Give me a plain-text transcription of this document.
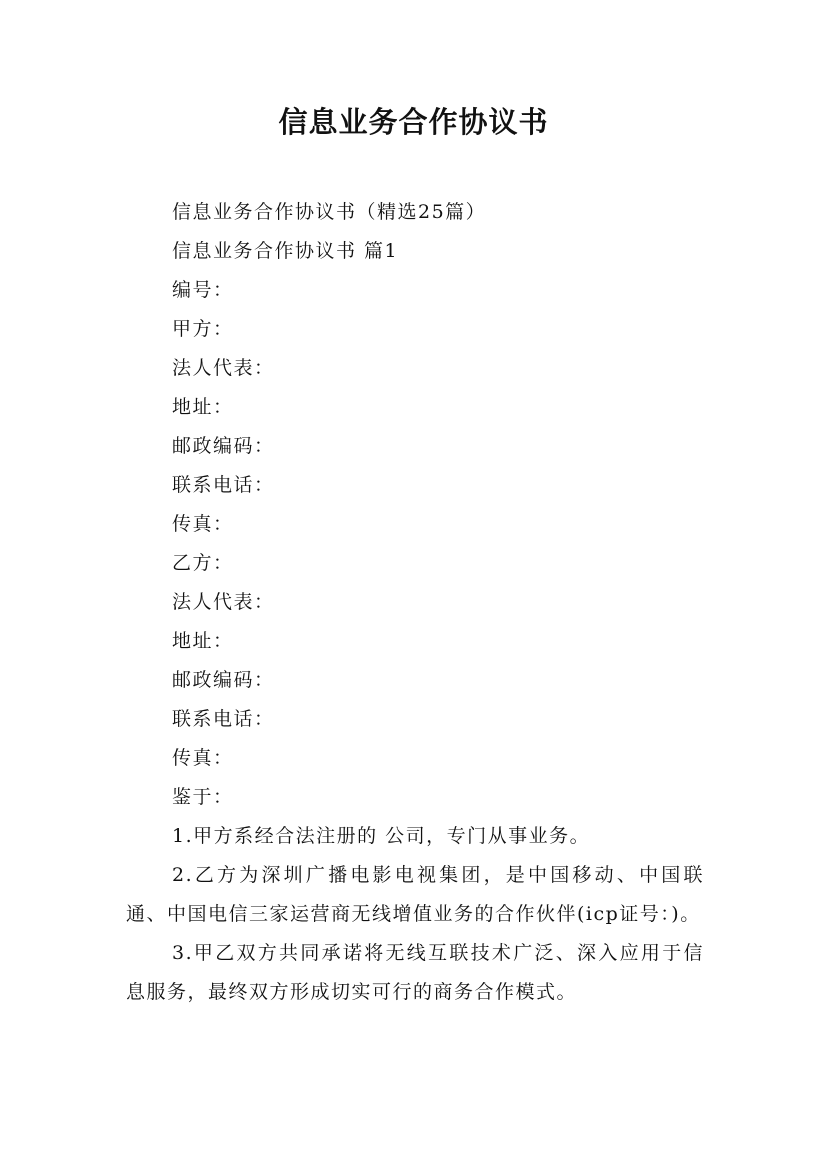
信息业务合作协议书

信息业务合作协议书（精选25篇）

信息业务合作协议书 篇1

编号：

甲方：

法人代表：

地址：

邮政编码：

联系电话：

传真：

乙方：

法人代表：

地址：

邮政编码：

联系电话：

传真：

鉴于：

1.甲方系经合法注册的 公司，专门从事业务。

2.乙方为深圳广播电影电视集团，是中国移动、中国联通、中国电信三家运营商无线增值业务的合作伙伴(icp证号：)。

3.甲乙双方共同承诺将无线互联技术广泛、深入应用于信息服务，最终双方形成切实可行的商务合作模式。
